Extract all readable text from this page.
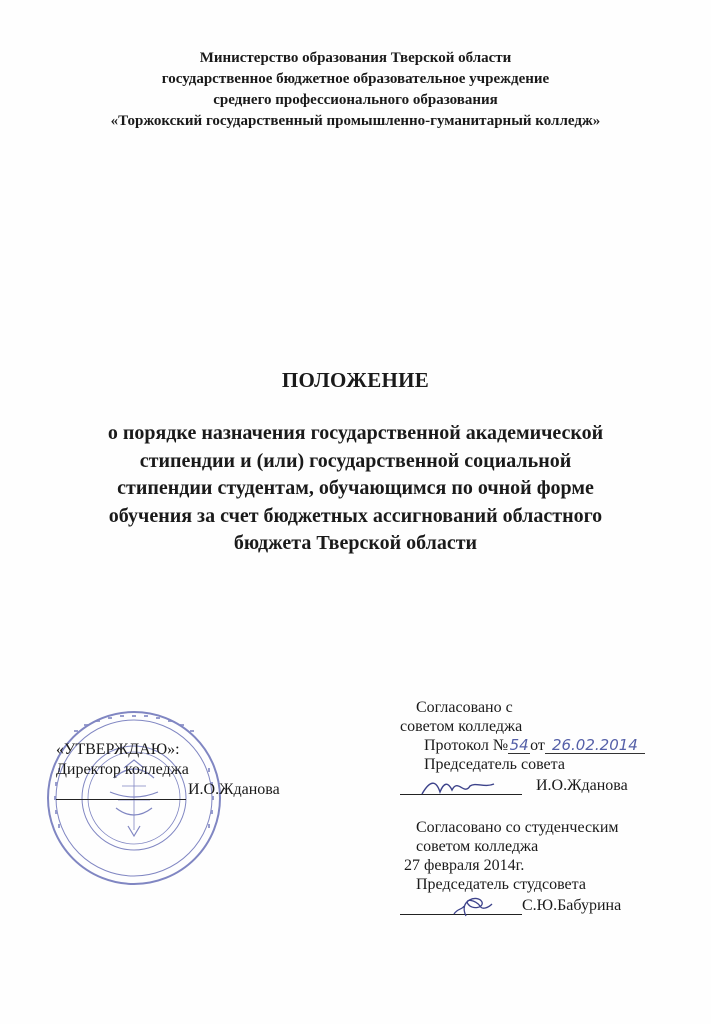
Министерство образования Тверской области
государственное бюджетное образовательное учреждение
среднего профессионального образования
«Торжокский государственный промышленно-гуманитарный колледж»
ПОЛОЖЕНИЕ
о порядке назначения государственной академической
стипендии и (или) государственной социальной
стипендии студентам, обучающимся по очной форме
обучения за счет бюджетных ассигнований областного
бюджета Тверской области
«УТВЕРЖДАЮ»:
Директор колледжа
И.О.Жданова
Согласовано с
советом колледжа
Протокол №54от 26.02.2014
Председатель совета
И.О.Жданова
Согласовано со студенческим
советом колледжа
27 февраля 2014г.
Председатель студсовета
С.Ю.Бабурина
